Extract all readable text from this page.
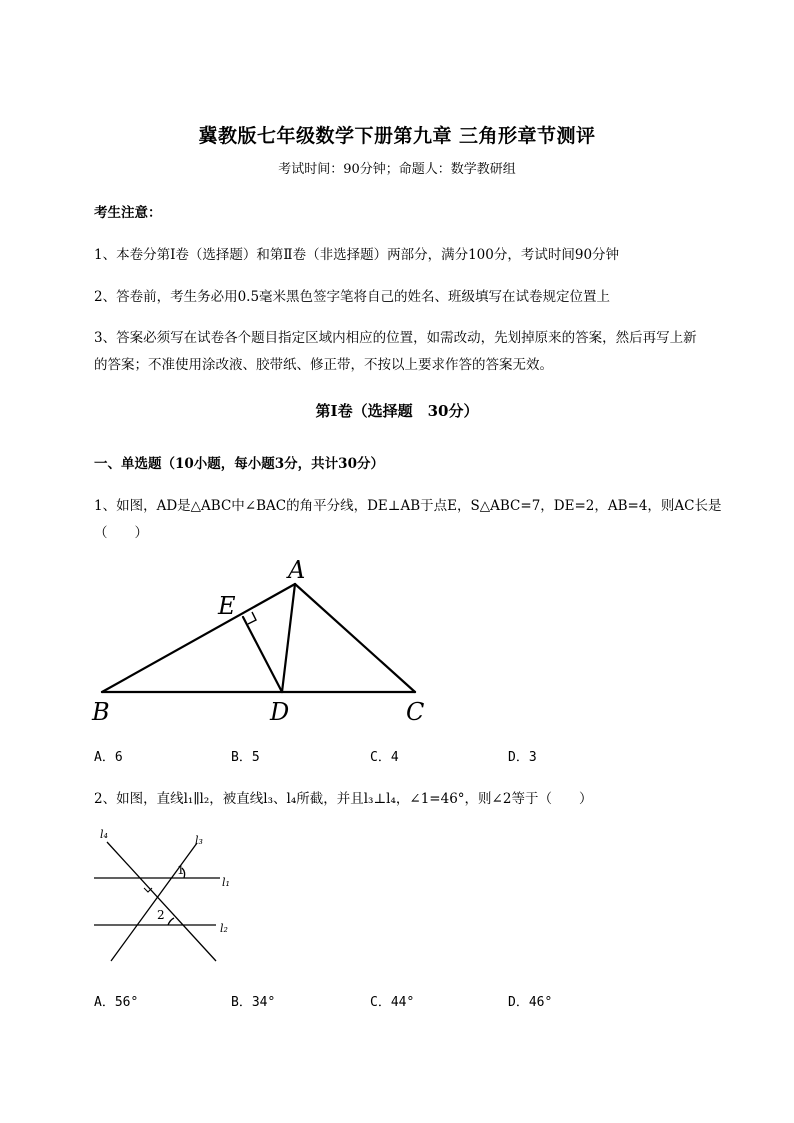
冀教版七年级数学下册第九章 三角形章节测评
考试时间：90分钟；命题人：数学教研组
考生注意：
1、本卷分第I卷（选择题）和第Ⅱ卷（非选择题）两部分，满分100分，考试时间90分钟
2、答卷前，考生务必用0.5毫米黑色签字笔将自己的姓名、班级填写在试卷规定位置上
3、答案必须写在试卷各个题目指定区域内相应的位置，如需改动，先划掉原来的答案，然后再写上新
的答案；不准使用涂改液、胶带纸、修正带，不按以上要求作答的答案无效。
第I卷（选择题　30分）
一、单选题（10小题，每小题3分，共计30分）
1、如图，AD是△ABC中∠BAC的角平分线，DE⊥AB于点E，S△ABC=7，DE=2，AB=4，则AC长是
（　　）
A
E
B	D	C
A．6	B．5	C．4	D．3
2、如图，直线l₁∥l₂，被直线l₃、l₄所截，并且l₃⊥l₄，∠1=46°，则∠2等于（　　）
l₄	l₃
l₁
l₂
1
2
A．56°	B．34°	C．44°	D．46°
